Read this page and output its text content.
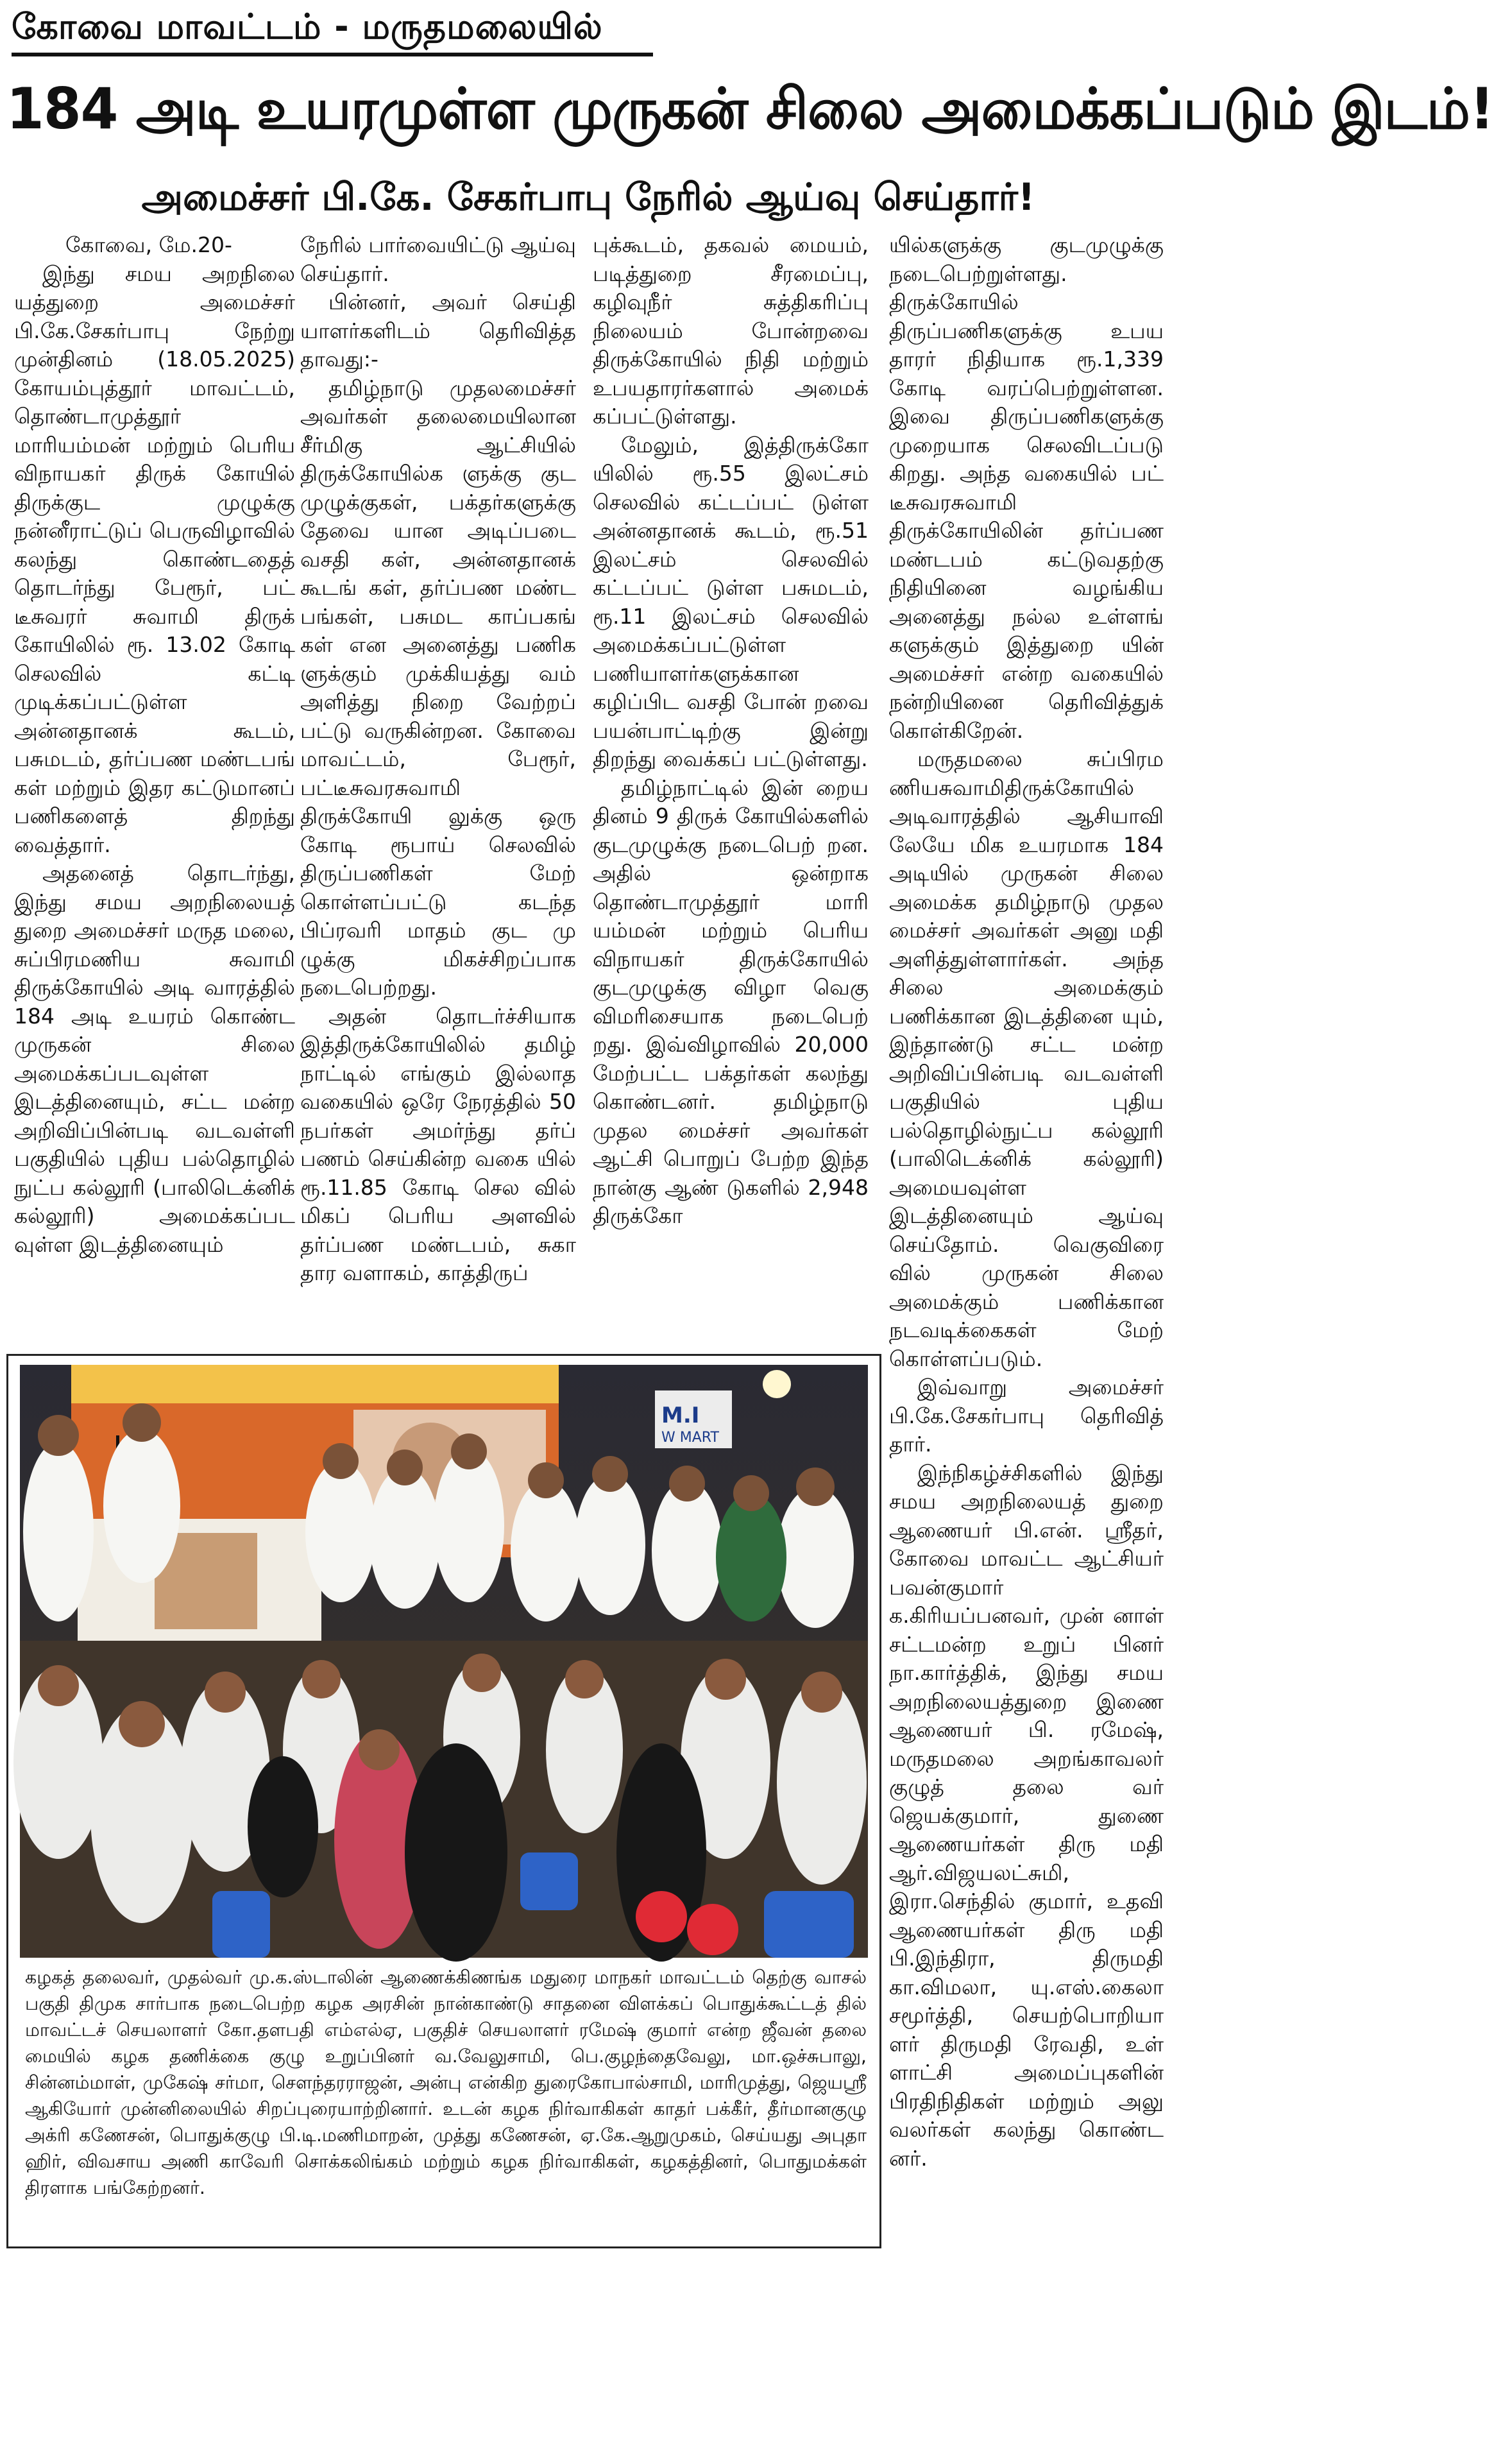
கோவை மாவட்டம் - மருதமலையில்
184 அடி உயரமுள்ள முருகன் சிலை அமைக்கப்படும் இடம்!
அமைச்சர் பி.கே. சேகர்பாபு நேரில் ஆய்வு செய்தார்!

கோவை, மே.20-

இந்து சமய அறநிலை யத்துறை அமைச்சர் பி.கே.சேகர்பாபு நேற்று முன்தினம் (18.05.2025) கோயம்புத்தூர் மாவட்டம், தொண்டாமுத்தூர் மாரியம்மன் மற்றும் பெரிய விநாயகர் திருக் கோயில் திருக்குட முழுக்கு நன்னீராட்டுப் பெருவிழாவில் கலந்து கொண்டதைத் தொடர்ந்து பேரூர், பட் டீசுவரர் சுவாமி திருக் கோயிலில் ரூ. 13.02 கோடி செலவில் கட்டி முடிக்கப்பட்டுள்ள அன்னதானக் கூடம், பசுமடம், தர்ப்பண மண்டபங் கள் மற்றும் இதர கட்டுமானப் பணிகளைத் திறந்து வைத்தார்.

அதனைத் தொடர்ந்து, இந்து சமய அறநிலையத் துறை அமைச்சர் மருத மலை, சுப்பிரமணிய சுவாமி திருக்கோயில் அடி வாரத்தில் 184 அடி உயரம் கொண்ட முருகன் சிலை அமைக்கப்படவுள்ள இடத்தினையும், சட்ட மன்ற அறிவிப்பின்படி வடவள்ளி பகுதியில் புதிய பல்தொழில் நுட்ப கல்லூரி (பாலிடெக்னிக் கல்லூரி) அமைக்கப்பட வுள்ள இடத்தினையும்

நேரில் பார்வையிட்டு ஆய்வு செய்தார்.

பின்னர், அவர் செய்தி யாளர்களிடம் தெரிவித்த தாவது:-

தமிழ்நாடு முதலமைச்சர் அவர்கள் தலைமையிலான சீர்மிகு ஆட்சியில் திருக்கோயில்க ளுக்கு குட முழுக்குகள், பக்தர்களுக்கு தேவை யான அடிப்படை வசதி கள், அன்னதானக் கூடங் கள், தர்ப்பண மண்ட பங்கள், பசுமட காப்பகங் கள் என அனைத்து பணிக ளுக்கும் முக்கியத்து வம் அளித்து நிறை வேற்றப் பட்டு வருகின்றன. கோவை மாவட்டம், பேரூர், பட்டீசுவரசுவாமி திருக்கோயி லுக்கு ஒரு கோடி ரூபாய் செலவில் திருப்பணிகள் மேற் கொள்ளப்பட்டு கடந்த பிப்ரவரி மாதம் குட மு ழுக்கு மிகச்சிறப்பாக நடைபெற்றது.

அதன் தொடர்ச்சியாக இத்திருக்கோயிலில் தமிழ் நாட்டில் எங்கும் இல்லாத வகையில் ஒரே நேரத்தில் 50 நபர்கள் அமர்ந்து தர்ப் பணம் செய்கின்ற வகை யில் ரூ.11.85 கோடி செல வில் மிகப் பெரிய அளவில் தர்ப்பண மண்டபம், சுகா தார வளாகம், காத்திருப்

புக்கூடம், தகவல் மையம், படித்துறை சீரமைப்பு, கழிவுநீர் சுத்திகரிப்பு நிலையம் போன்றவை திருக்கோயில் நிதி மற்றும் உபயதாரர்களால் அமைக் கப்பட்டுள்ளது.

மேலும், இத்திருக்கோ யிலில் ரூ.55 இலட்சம் செலவில் கட்டப்பட் டுள்ள அன்னதானக் கூடம், ரூ.51 இலட்சம் செலவில் கட்டப்பட் டுள்ள பசுமடம், ரூ.11 இலட்சம் செலவில் அமைக்கப்பட்டுள்ள பணியாளர்களுக்கான கழிப்பிட வசதி போன் றவை பயன்பாட்டிற்கு இன்று திறந்து வைக்கப் பட்டுள்ளது.

தமிழ்நாட்டில் இன் றைய தினம் 9 திருக் கோயில்களில் குடமுழுக்கு நடைபெற் றன. அதில் ஒன்றாக தொண்டாமுத்தூர் மாரி யம்மன் மற்றும் பெரிய விநாயகர் திருக்கோயில் குடமுழுக்கு விழா வெகு விமரிசையாக நடைபெற் றது. இவ்விழாவில் 20,000 மேற்பட்ட பக்தர்கள் கலந்து கொண்டனர். தமிழ்நாடு முதல மைச்சர் அவர்கள் ஆட்சி பொறுப் பேற்ற இந்த நான்கு ஆண் டுகளில் 2,948 திருக்கோ

யில்களுக்கு குடமுழுக்கு நடைபெற்றுள்ளது. திருக்கோயில் திருப்பணிகளுக்கு உபய தாரர் நிதியாக ரூ.1,339 கோடி வரப்பெற்றுள்ளன. இவை திருப்பணிகளுக்கு முறையாக செலவிடப்படு கிறது. அந்த வகையில் பட் டீசுவரசுவாமி திருக்கோயிலின் தர்ப்பண மண்டபம் கட்டுவதற்கு நிதியினை வழங்கிய அனைத்து நல்ல உள்ளங் களுக்கும் இத்துறை யின் அமைச்சர் என்ற வகையில் நன்றியினை தெரிவித்துக் கொள்கிறேன்.

மருதமலை சுப்பிரம ணியசுவாமிதிருக்கோயில் அடிவாரத்தில் ஆசியாவி லேயே மிக உயரமாக 184 அடியில் முருகன் சிலை அமைக்க தமிழ்நாடு முதல மைச்சர் அவர்கள் அனு மதி அளித்துள்ளார்கள். அந்த சிலை அமைக்கும் பணிக்கான இடத்தினை யும், இந்தாண்டு சட்ட மன்ற அறிவிப்பின்படி வடவள்ளி பகுதியில் புதிய பல்தொழில்நுட்ப கல்லூரி (பாலிடெக்னிக் கல்லூரி) அமையவுள்ள இடத்தினையும் ஆய்வு செய்தோம். வெகுவிரை வில் முருகன் சிலை அமைக்கும் பணிக்கான நடவடிக்கைகள் மேற் கொள்ளப்படும்.

இவ்வாறு அமைச்சர் பி.கே.சேகர்பாபு தெரிவித் தார்.

இந்நிகழ்ச்சிகளில் இந்து சமய அறநிலையத் துறை ஆணையர் பி.என். ஸ்ரீதர், கோவை மாவட்ட ஆட்சியர் பவன்குமார் க.கிரியப்பனவர், முன் னாள் சட்டமன்ற உறுப் பினர் நா.கார்த்திக், இந்து சமய அறநிலையத்துறை இணை ஆணையர் பி. ரமேஷ், மருதமலை அறங்காவலர் குழுத் தலை வர் ஜெயக்குமார், துணை ஆணையர்கள் திரு மதி ஆர்.விஜயலட்சுமி, இரா.செந்தில் குமார், உதவி ஆணையர்கள் திரு மதி பி.இந்திரா, திருமதி கா.விமலா, யு.எஸ்.கைலா சமூர்த்தி, செயற்பொறியா ளர் திருமதி ரேவதி, உள் ளாட்சி அமைப்புகளின் பிரதிநிதிகள் மற்றும் அலு வலர்கள் கலந்து கொண்ட னர்.

M.I
W MART
கழகத் தலைவர், முதல்வர் மு.க.ஸ்டாலின் ஆணைக்கிணங்க மதுரை மாநகர் மாவட்டம் தெற்கு வாசல் பகுதி திமுக சார்பாக நடைபெற்ற கழக அரசின் நான்காண்டு சாதனை விளக்கப் பொதுக்கூட்டத் தில் மாவட்டச் செயலாளர் கோ.தளபதி எம்எல்ஏ, பகுதிச் செயலாளர் ரமேஷ் குமார் என்ற ஜீவன் தலை மையில் கழக தணிக்கை குழு உறுப்பினர் வ.வேலுசாமி, பெ.குழந்தைவேலு, மா.ஒச்சுபாலு, சின்னம்மாள், முகேஷ் சர்மா, சௌந்தரராஜன், அன்பு என்கிற துரைகோபால்சாமி, மாரிமுத்து, ஜெயஸ்ரீ ஆகியோர் முன்னிலையில் சிறப்புரையாற்றினார். உடன் கழக நிர்வாகிகள் காதர் பக்கீர், தீர்மானகுழு அக்ரி கணேசன், பொதுக்குழு பி.டி.மணிமாறன், முத்து கணேசன், ஏ.கே.ஆறுமுகம், செய்யது அபுதா ஹிர், விவசாய அணி காவேரி சொக்கலிங்கம் மற்றும் கழக நிர்வாகிகள், கழகத்தினர், பொதுமக்கள் திரளாக பங்கேற்றனர்.
